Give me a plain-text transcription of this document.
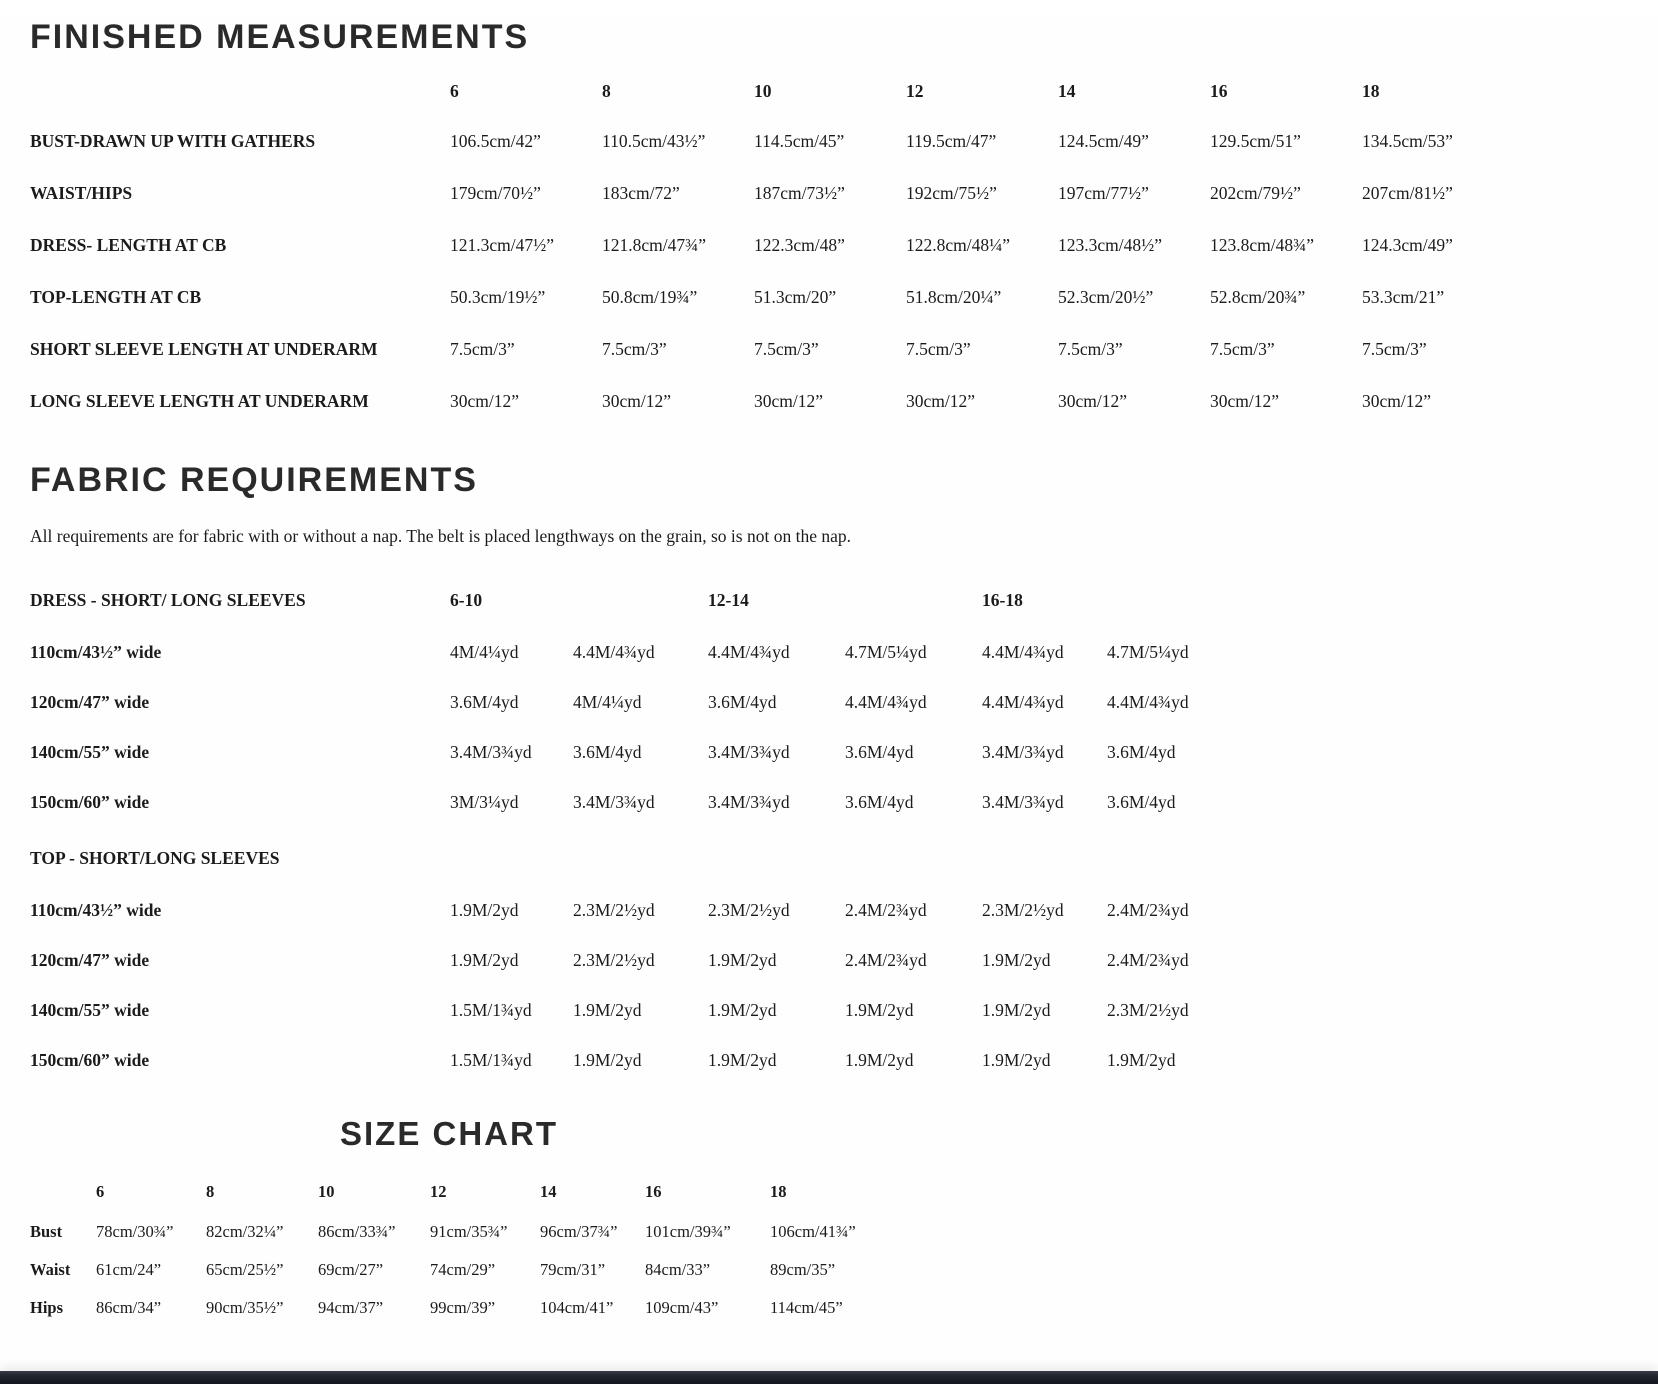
FINISHED MEASUREMENTS
6	8	10	12	14	16	18
BUST-DRAWN UP WITH GATHERS	106.5cm/42”	110.5cm/43½”	114.5cm/45”	119.5cm/47”	124.5cm/49”	129.5cm/51”	134.5cm/53”
WAIST/HIPS	179cm/70½”	183cm/72”	187cm/73½”	192cm/75½”	197cm/77½”	202cm/79½”	207cm/81½”
DRESS- LENGTH AT CB	121.3cm/47½”	121.8cm/47¾”	122.3cm/48”	122.8cm/48¼”	123.3cm/48½”	123.8cm/48¾”	124.3cm/49”
TOP-LENGTH AT CB	50.3cm/19½”	50.8cm/19¾”	51.3cm/20”	51.8cm/20¼”	52.3cm/20½”	52.8cm/20¾”	53.3cm/21”
SHORT SLEEVE LENGTH AT UNDERARM	7.5cm/3”	7.5cm/3”	7.5cm/3”	7.5cm/3”	7.5cm/3”	7.5cm/3”	7.5cm/3”
LONG SLEEVE LENGTH AT UNDERARM	30cm/12”	30cm/12”	30cm/12”	30cm/12”	30cm/12”	30cm/12”	30cm/12”
FABRIC REQUIREMENTS

All requirements are for fabric with or without a nap. The belt is placed lengthways on the grain, so is not on the nap.

DRESS - SHORT/ LONG SLEEVES	6-10	12-14	16-18
110cm/43½” wide	4M/4¼yd	4.4M/4¾yd	4.4M/4¾yd	4.7M/5¼yd	4.4M/4¾yd	4.7M/5¼yd
120cm/47” wide	3.6M/4yd	4M/4¼yd	3.6M/4yd	4.4M/4¾yd	4.4M/4¾yd	4.4M/4¾yd
140cm/55” wide	3.4M/3¾yd	3.6M/4yd	3.4M/3¾yd	3.6M/4yd	3.4M/3¾yd	3.6M/4yd
150cm/60” wide	3M/3¼yd	3.4M/3¾yd	3.4M/3¾yd	3.6M/4yd	3.4M/3¾yd	3.6M/4yd
TOP - SHORT/LONG SLEEVES
110cm/43½” wide	1.9M/2yd	2.3M/2½yd	2.3M/2½yd	2.4M/2¾yd	2.3M/2½yd	2.4M/2¾yd
120cm/47” wide	1.9M/2yd	2.3M/2½yd	1.9M/2yd	2.4M/2¾yd	1.9M/2yd	2.4M/2¾yd
140cm/55” wide	1.5M/1¾yd	1.9M/2yd	1.9M/2yd	1.9M/2yd	1.9M/2yd	2.3M/2½yd
150cm/60” wide	1.5M/1¾yd	1.9M/2yd	1.9M/2yd	1.9M/2yd	1.9M/2yd	1.9M/2yd
SIZE CHART
6	8	10	12	14	16	18
Bust	78cm/30¾”	82cm/32¼”	86cm/33¾”	91cm/35¾”	96cm/37¾”	101cm/39¾”	106cm/41¾”
Waist	61cm/24”	65cm/25½”	69cm/27”	74cm/29”	79cm/31”	84cm/33”	89cm/35”
Hips	86cm/34”	90cm/35½”	94cm/37”	99cm/39”	104cm/41”	109cm/43”	114cm/45”
